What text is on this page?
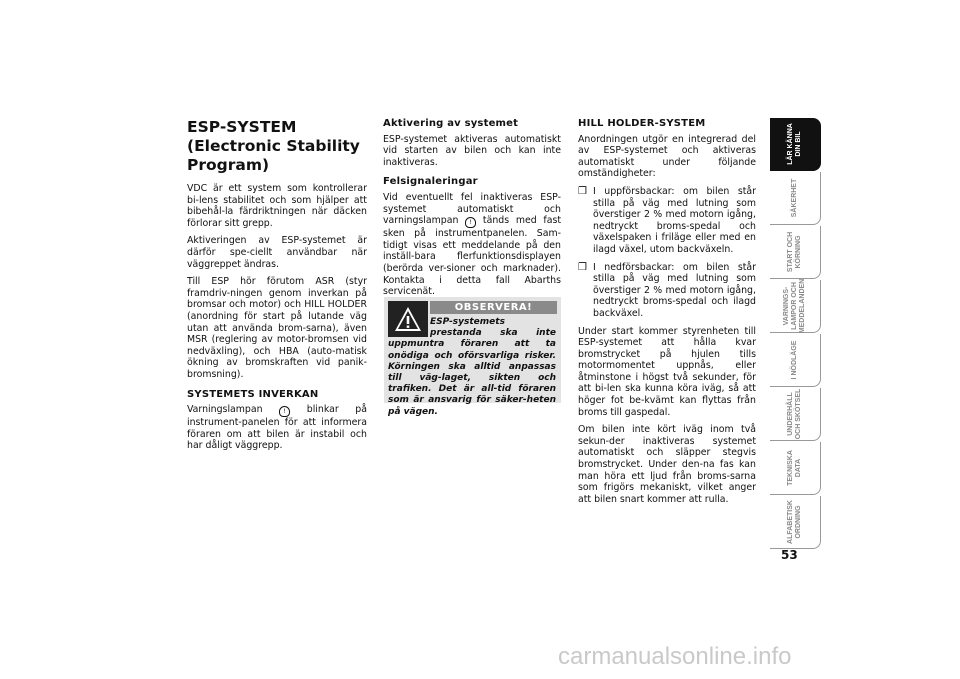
ESP-SYSTEM (Electronic Stability Program)

VDC är ett system som kontrollerar bi-lens stabilitet och som hjälper att bibehål-la färdriktningen när däcken förlorar sitt grepp.

Aktiveringen av ESP-systemet är därför spe-ciellt användbar när väggreppet ändras.

Till ESP hör förutom ASR (styr framdriv-ningen genom inverkan på bromsar och motor) och HILL HOLDER (anordning för start på lutande väg utan att använda brom-sarna), även MSR (reglering av motor-bromsen vid nedväxling), och HBA (auto-matisk ökning av bromskraften vid panik-bromsning).

SYSTEMETS INVERKAN

Varningslampan	! blinkar på instrument-panelen för att informera föraren om att bilen är instabil och har dåligt väggrepp.

Aktivering av systemet

ESP-systemet aktiveras automatiskt vid starten av bilen och kan inte inaktiveras.

Felsignaleringar

Vid eventuellt fel inaktiveras ESP-systemet automatiskt och varningslampan ! tänds med fast sken på instrumentpanelen. Sam-tidigt visas ett meddelande på den inställ-bara flerfunktionsdisplayen (berörda ver-sioner och marknader). Kontakta i detta fall Abarths servicenät.

OBSERVERA!
ESP-systemets prestanda ska inte uppmuntra föraren att ta onödiga och oförsvarliga risker. Körningen ska alltid anpassas till väg-laget, sikten och trafiken. Det är all-tid föraren som är ansvarig för säker-heten på vägen.
HILL HOLDER-SYSTEM

Anordningen utgör en integrerad del av ESP-systemet och aktiveras automatiskt under följande omständigheter:

❒ I uppförsbackar: om bilen står stilla på väg med lutning som överstiger 2 % med motorn igång, nedtryckt broms-spedal och växelspaken i friläge eller med en ilagd växel, utom backväxeln.
❒ I nedförsbackar: om bilen står stilla på väg med lutning som överstiger 2 % med motorn igång, nedtryckt broms-spedal och ilagd backväxel.

Under start kommer styrenheten till ESP-systemet att hålla kvar bromstrycket på hjulen tills motormomentet uppnås, eller åtminstone i högst två sekunder, för att bi-len ska kunna köra iväg, så att höger fot be-kvämt kan flyttas från broms till gaspedal.

Om bilen inte kört iväg inom två sekun-der inaktiveras systemet automatiskt och släpper stegvis bromstrycket. Under den-na fas kan man höra ett ljud från broms-sarna som frigörs mekaniskt, vilket anger att bilen snart kommer att rulla.

LÄR KÄNNA
DIN BIL
SÄKERHET
START OCH
KÖRNING
VARNINGS-
LAMPOR OCH
MEDDELANDEN
I NÖDLÄGE
UNDERHÅLL
OCH SKÖTSEL
TEKNISKA
DATA
ALFABETISK
ORDNING
53
carmanualsonline.info
